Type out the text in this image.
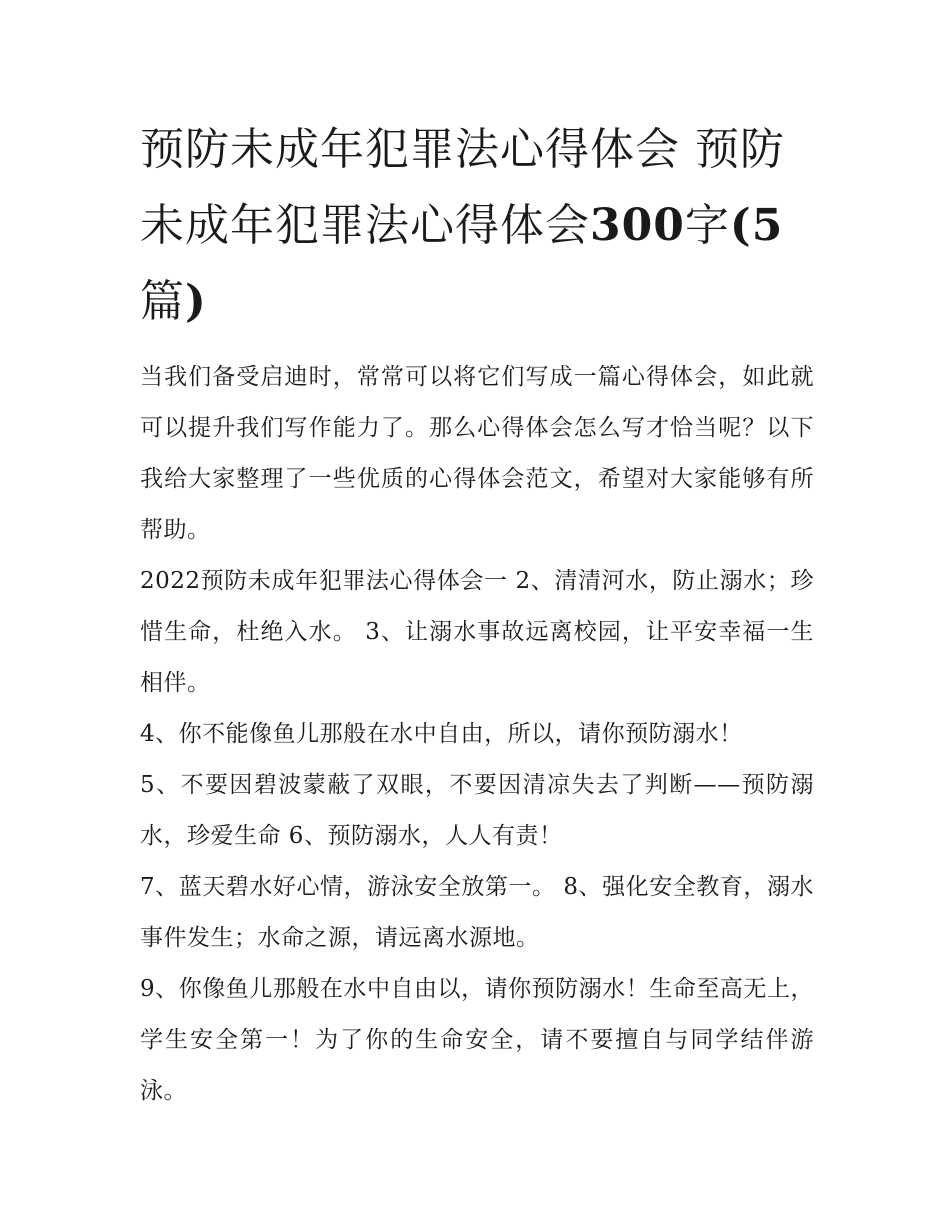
预防未成年犯罪法心得体会 预防未成年犯罪法心得体会300字(5篇)

当我们备受启迪时，常常可以将它们写成一篇心得体会，如此就可以提升我们写作能力了。那么心得体会怎么写才恰当呢？以下我给大家整理了一些优质的心得体会范文，希望对大家能够有所帮助。

2022预防未成年犯罪法心得体会一 2、清清河水，防止溺水；珍惜生命，杜绝入水。 3、让溺水事故远离校园，让平安幸福一生相伴。

4、你不能像鱼儿那般在水中自由，所以，请你预防溺水！

5、不要因碧波蒙蔽了双眼，不要因清凉失去了判断——预防溺水，珍爱生命 6、预防溺水，人人有责！

7、蓝天碧水好心情，游泳安全放第一。 8、强化安全教育，溺水事件发生；水命之源，请远离水源地。

9、你像鱼儿那般在水中自由以，请你预防溺水！生命至高无上，学生安全第一！为了你的生命安全，请不要擅自与同学结伴游泳。
